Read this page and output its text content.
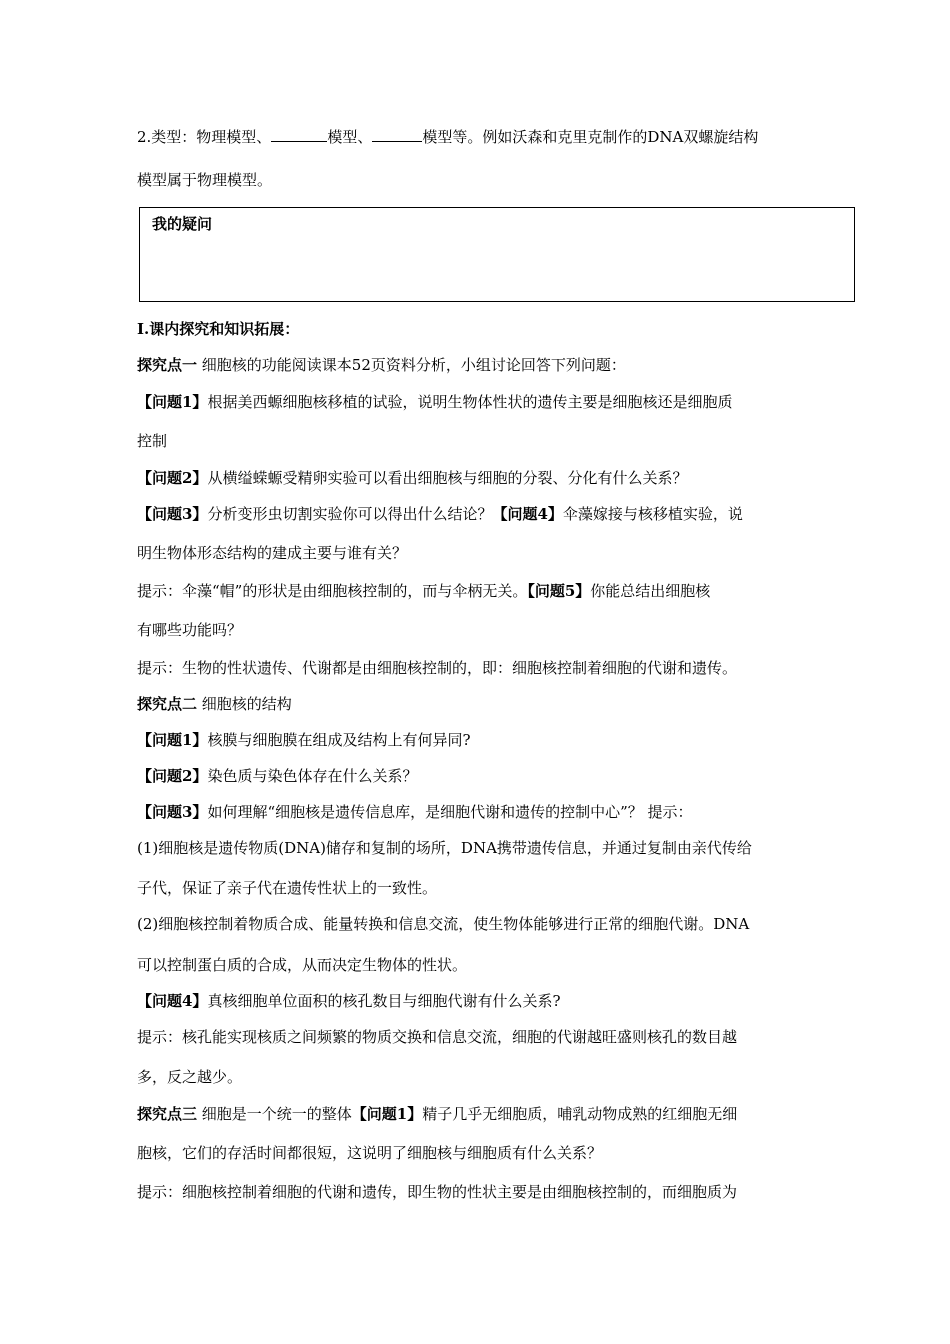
2.类型：物理模型、	模型、	模型等。例如沃森和克里克制作的DNA双螺旋结构
模型属于物理模型。
我的疑问
Ⅰ.课内探究和知识拓展：
探究点一 细胞核的功能阅读课本52页资料分析，小组讨论回答下列问题：
【问题1】根据美西螈细胞核移植的试验，说明生物体性状的遗传主要是细胞核还是细胞质
控制
【问题2】从横缢蝾螈受精卵实验可以看出细胞核与细胞的分裂、分化有什么关系？
【问题3】分析变形虫切割实验你可以得出什么结论？【问题4】伞藻嫁接与核移植实验，说
明生物体形态结构的建成主要与谁有关？
提示：伞藻“帽”的形状是由细胞核控制的，而与伞柄无关。【问题5】你能总结出细胞核
有哪些功能吗？
提示：生物的性状遗传、代谢都是由细胞核控制的，即：细胞核控制着细胞的代谢和遗传。
探究点二 细胞核的结构
【问题1】核膜与细胞膜在组成及结构上有何异同?
【问题2】染色质与染色体存在什么关系？
【问题3】如何理解“细胞核是遗传信息库，是细胞代谢和遗传的控制中心”？ 提示：
(1)细胞核是遗传物质(DNA)储存和复制的场所，DNA携带遗传信息，并通过复制由亲代传给
子代，保证了亲子代在遗传性状上的一致性。
(2)细胞核控制着物质合成、能量转换和信息交流，使生物体能够进行正常的细胞代谢。DNA
可以控制蛋白质的合成，从而决定生物体的性状。
【问题4】真核细胞单位面积的核孔数目与细胞代谢有什么关系?
提示：核孔能实现核质之间频繁的物质交换和信息交流，细胞的代谢越旺盛则核孔的数目越
多，反之越少。
探究点三 细胞是一个统一的整体【问题1】精子几乎无细胞质，哺乳动物成熟的红细胞无细
胞核，它们的存活时间都很短，这说明了细胞核与细胞质有什么关系？
提示：细胞核控制着细胞的代谢和遗传，即生物的性状主要是由细胞核控制的，而细胞质为
